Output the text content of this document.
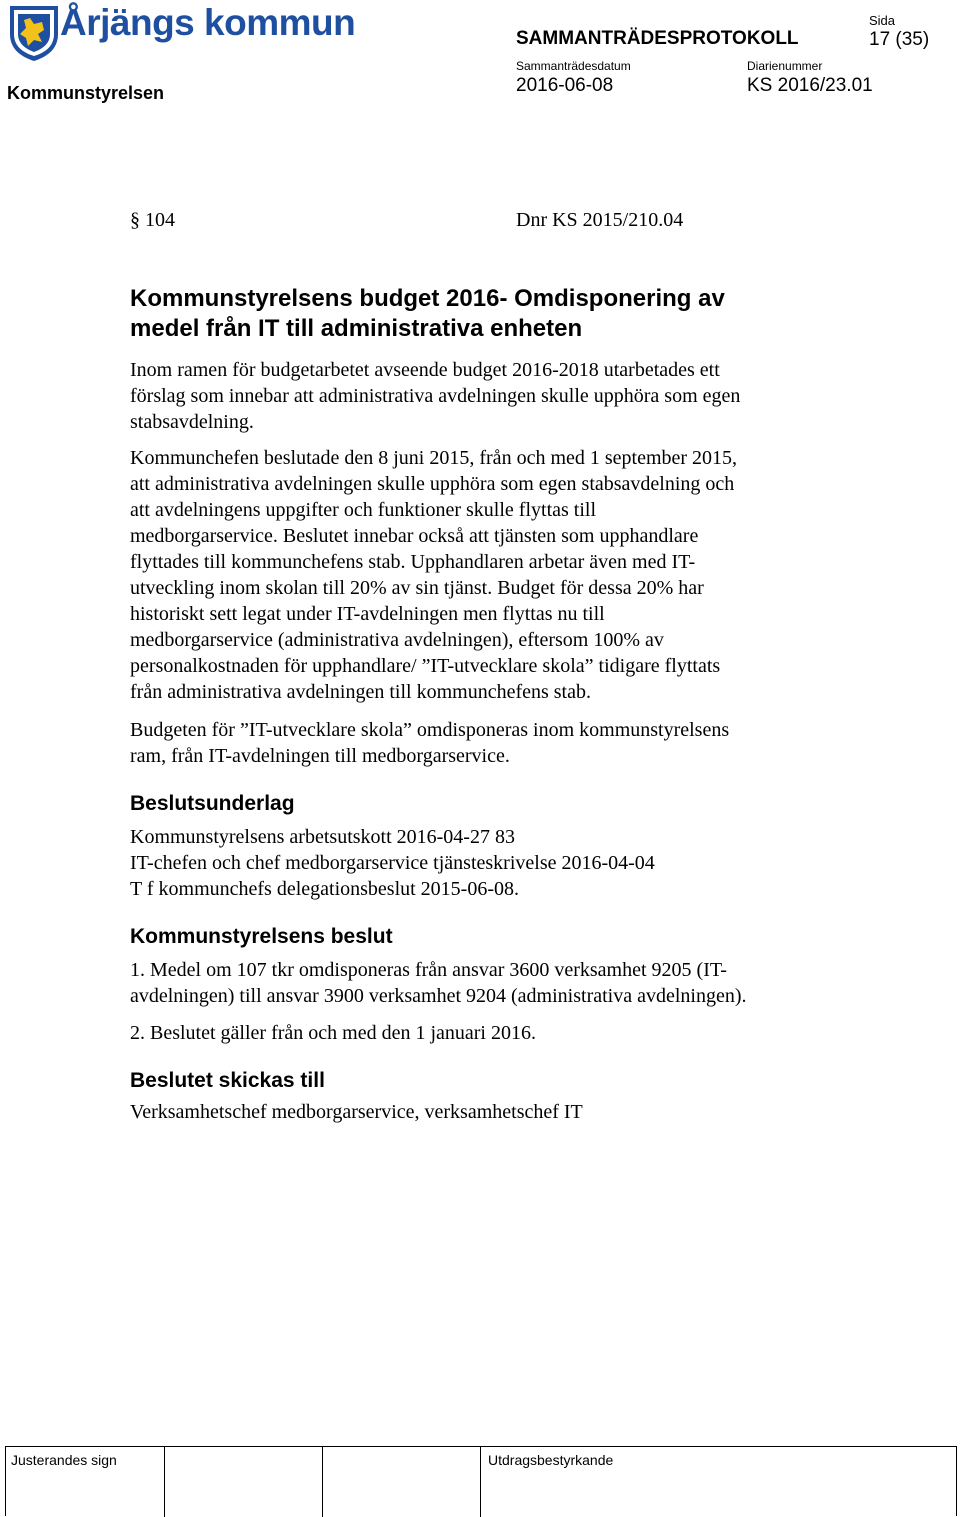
Årjängs kommun
Kommunstyrelsen
SAMMANTRÄDESPROTOKOLL
Sida
17 (35)
Sammanträdesdatum
2016-06-08
Diarienummer
KS 2016/23.01
§ 104	Dnr KS 2015/210.04
Kommunstyrelsens budget 2016- Omdisponering av
medel från IT till administrativa enheten
Inom ramen för budgetarbetet avseende budget 2016-2018 utarbetades ett
förslag som innebar att administrativa avdelningen skulle upphöra som egen
stabsavdelning.
Kommunchefen beslutade den 8 juni 2015, från och med 1 september 2015,
att administrativa avdelningen skulle upphöra som egen stabsavdelning och
att avdelningens uppgifter och funktioner skulle flyttas till
medborgarservice. Beslutet innebar också att tjänsten som upphandlare
flyttades till kommunchefens stab. Upphandlaren arbetar även med IT-
utveckling inom skolan till 20% av sin tjänst. Budget för dessa 20% har
historiskt sett legat under IT-avdelningen men flyttas nu till
medborgarservice (administrativa avdelningen), eftersom 100% av
personalkostnaden för upphandlare/ ”IT-utvecklare skola” tidigare flyttats
från administrativa avdelningen till kommunchefens stab.
Budgeten för ”IT-utvecklare skola” omdisponeras inom kommunstyrelsens
ram, från IT-avdelningen till medborgarservice.
Beslutsunderlag
Kommunstyrelsens arbetsutskott 2016-04-27 83
IT-chefen och chef medborgarservice tjänsteskrivelse 2016-04-04
T f kommunchefs delegationsbeslut 2015-06-08.
Kommunstyrelsens beslut
1. Medel om 107 tkr omdisponeras från ansvar 3600 verksamhet 9205 (IT-
avdelningen) till ansvar 3900 verksamhet 9204 (administrativa avdelningen).
2. Beslutet gäller från och med den 1 januari 2016.
Beslutet skickas till
Verksamhetschef medborgarservice, verksamhetschef IT
Justerandes sign	Utdragsbestyrkande
